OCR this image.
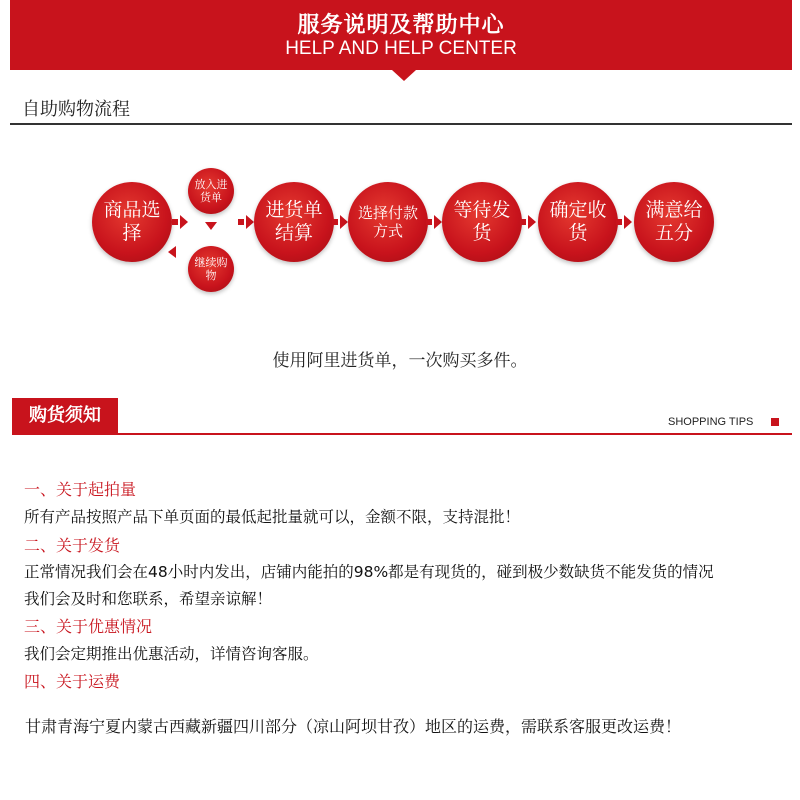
服务说明及帮助中心
HELP AND HELP CENTER
自助购物流程
商品选择
放入进货单
继续购物
进货单结算
选择付款方式
等待发货
确定收货
满意给五分
使用阿里进货单，一次购买多件。
购货须知	SHOPPING TIPS
一、关于起拍量
所有产品按照产品下单页面的最低起批量就可以，金额不限，支持混批！
二、关于发货
正常情况我们会在48小时内发出，店铺内能拍的98%都是有现货的，碰到极少数缺货不能发货的情况
我们会及时和您联系，希望亲谅解！
三、关于优惠情况
我们会定期推出优惠活动，详情咨询客服。
四、关于运费
甘肃青海宁夏内蒙古西藏新疆四川部分（凉山阿坝甘孜）地区的运费，需联系客服更改运费！
